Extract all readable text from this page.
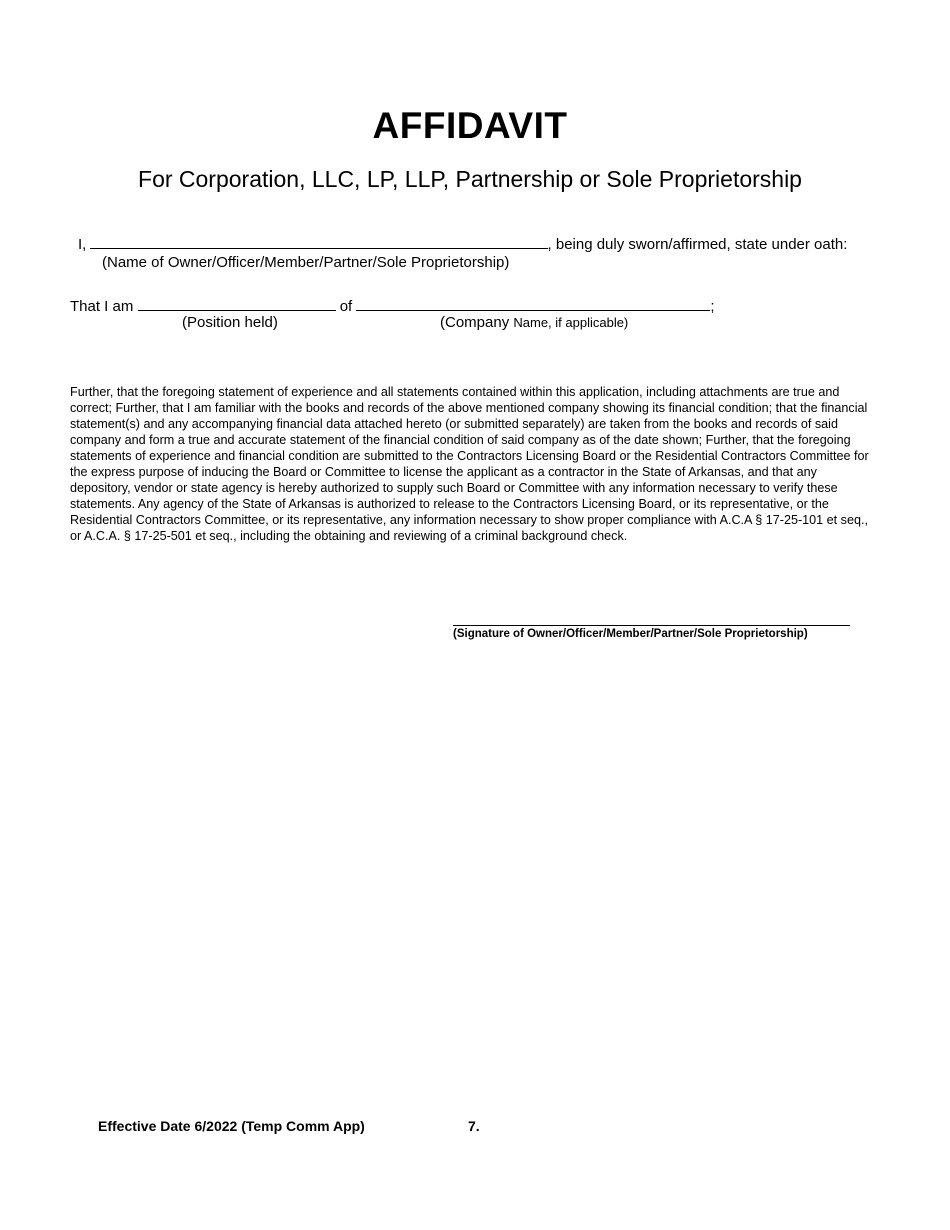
AFFIDAVIT
For Corporation, LLC, LP, LLP, Partnership or Sole Proprietorship
I,	, being duly sworn/affirmed, state under oath:
(Name of Owner/Officer/Member/Partner/Sole Proprietorship)
That I am	of	;
(Position held)	(Company Name, if applicable)
Further, that the foregoing statement of experience and all statements contained within this application, including attachments are true and correct; Further, that I am familiar with the books and records of the above mentioned company showing its financial condition; that the financial statement(s) and any accompanying financial data attached hereto (or submitted separately) are taken from the books and records of said company and form a true and accurate statement of the financial condition of said company as of the date shown; Further, that the foregoing statements of experience and financial condition are submitted to the Contractors Licensing Board or the Residential Contractors Committee for the express purpose of inducing the Board or Committee to license the applicant as a contractor in the State of Arkansas, and that any depository, vendor or state agency is hereby authorized to supply such Board or Committee with any information necessary to verify these statements. Any agency of the State of Arkansas is authorized to release to the Contractors Licensing Board, or its representative, or the Residential Contractors Committee, or its representative, any information necessary to show proper compliance with A.C.A § 17-25-101 et seq., or A.C.A. § 17-25-501 et seq., including the obtaining and reviewing of a criminal background check.
(Signature of Owner/Officer/Member/Partner/Sole Proprietorship)
Effective Date 6/2022 (Temp Comm App)	7.
